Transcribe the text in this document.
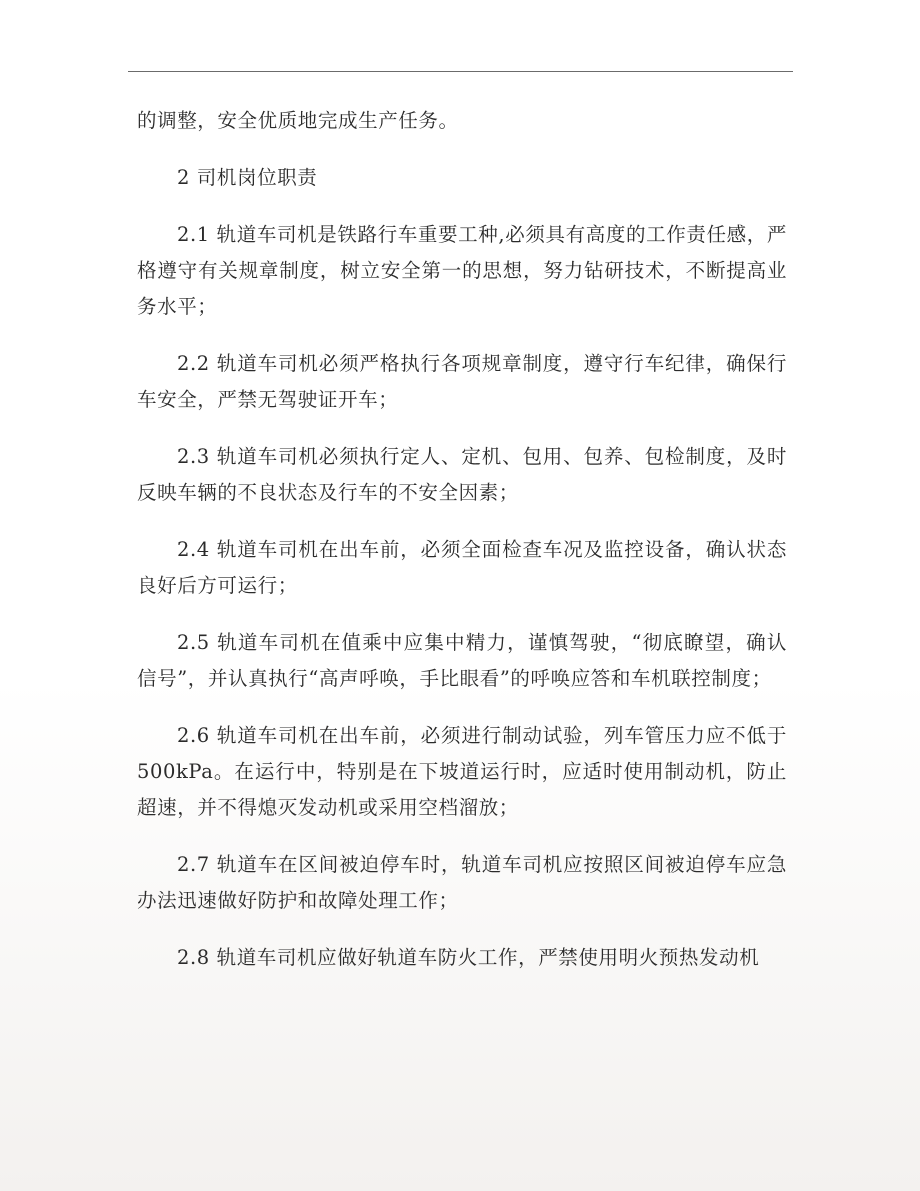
的调整，安全优质地完成生产任务。

2 司机岗位职责

2.1 轨道车司机是铁路行车重要工种,必须具有高度的工作责任感，严格遵守有关规章制度，树立安全第一的思想，努力钻研技术，不断提高业务水平；

2.2 轨道车司机必须严格执行各项规章制度，遵守行车纪律，确保行车安全，严禁无驾驶证开车；

2.3 轨道车司机必须执行定人、定机、包用、包养、包检制度，及时反映车辆的不良状态及行车的不安全因素；

2.4 轨道车司机在出车前，必须全面检查车况及监控设备，确认状态良好后方可运行；

2.5 轨道车司机在值乘中应集中精力，谨慎驾驶，“彻底瞭望，确认信号”，并认真执行“高声呼唤，手比眼看”的呼唤应答和车机联控制度；

2.6 轨道车司机在出车前，必须进行制动试验，列车管压力应不低于 500kPa。在运行中，特别是在下坡道运行时，应适时使用制动机，防止超速，并不得熄灭发动机或采用空档溜放；

2.7 轨道车在区间被迫停车时，轨道车司机应按照区间被迫停车应急办法迅速做好防护和故障处理工作；

2.8 轨道车司机应做好轨道车防火工作，严禁使用明火预热发动机
